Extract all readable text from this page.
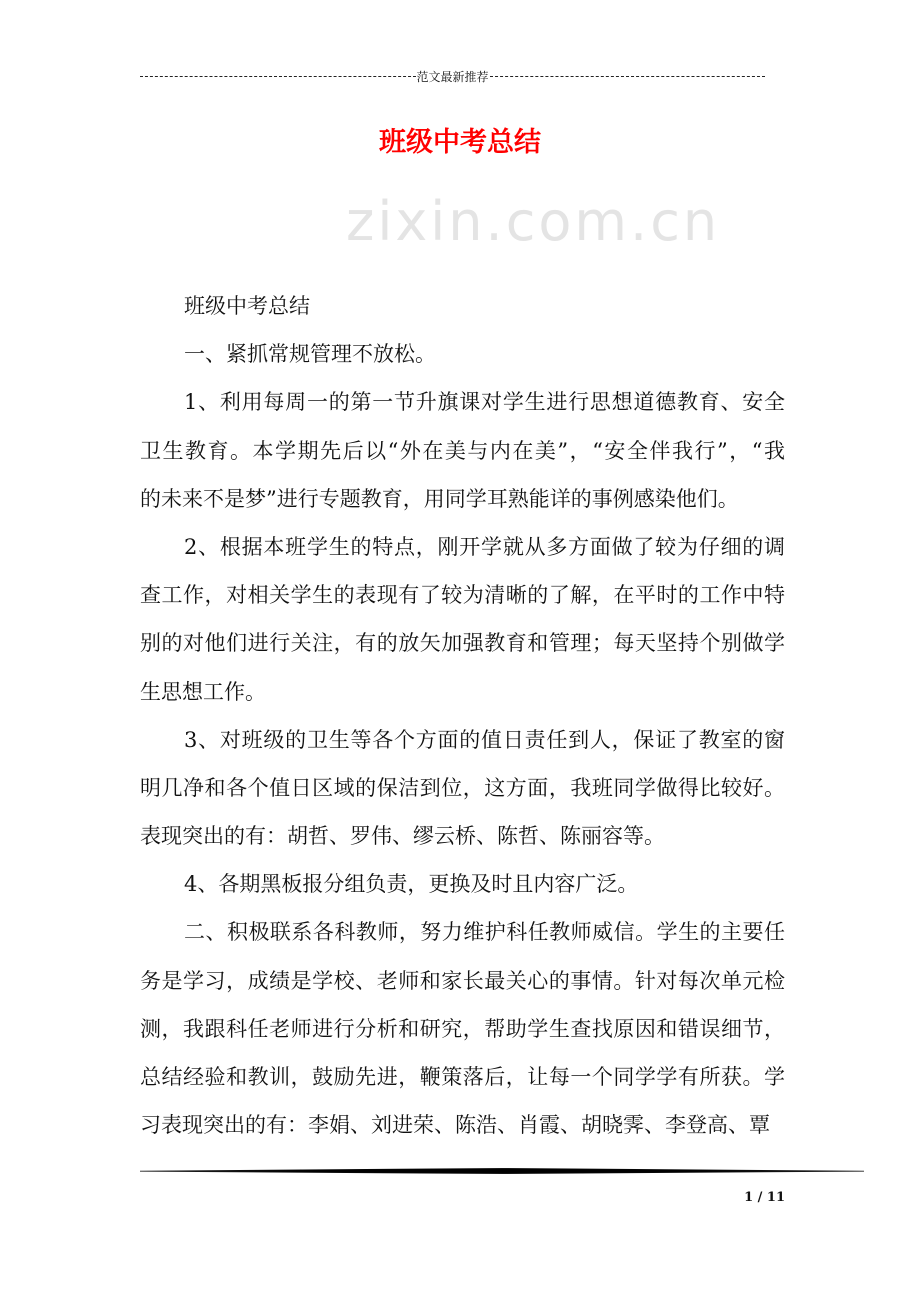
范文最新推荐
班级中考总结
zixin.com.cn
班级中考总结
一、紧抓常规管理不放松。
1、利用每周一的第一节升旗课对学生进行思想道德教育、安全
卫生教育。本学期先后以“外在美与内在美”，“安全伴我行”，“我
的未来不是梦”进行专题教育，用同学耳熟能详的事例感染他们。
2、根据本班学生的特点，刚开学就从多方面做了较为仔细的调
查工作，对相关学生的表现有了较为清晰的了解，在平时的工作中特
别的对他们进行关注，有的放矢加强教育和管理；每天坚持个别做学
生思想工作。
3、对班级的卫生等各个方面的值日责任到人，保证了教室的窗
明几净和各个值日区域的保洁到位，这方面，我班同学做得比较好。
表现突出的有：胡哲、罗伟、缪云桥、陈哲、陈丽容等。
4、各期黑板报分组负责，更换及时且内容广泛。
二、积极联系各科教师，努力维护科任教师威信。学生的主要任
务是学习，成绩是学校、老师和家长最关心的事情。针对每次单元检
测，我跟科任老师进行分析和研究，帮助学生查找原因和错误细节，
总结经验和教训，鼓励先进，鞭策落后，让每一个同学学有所获。学
习表现突出的有：李娟、刘进荣、陈浩、肖霞、胡晓霁、李登高、覃
1 / 11
